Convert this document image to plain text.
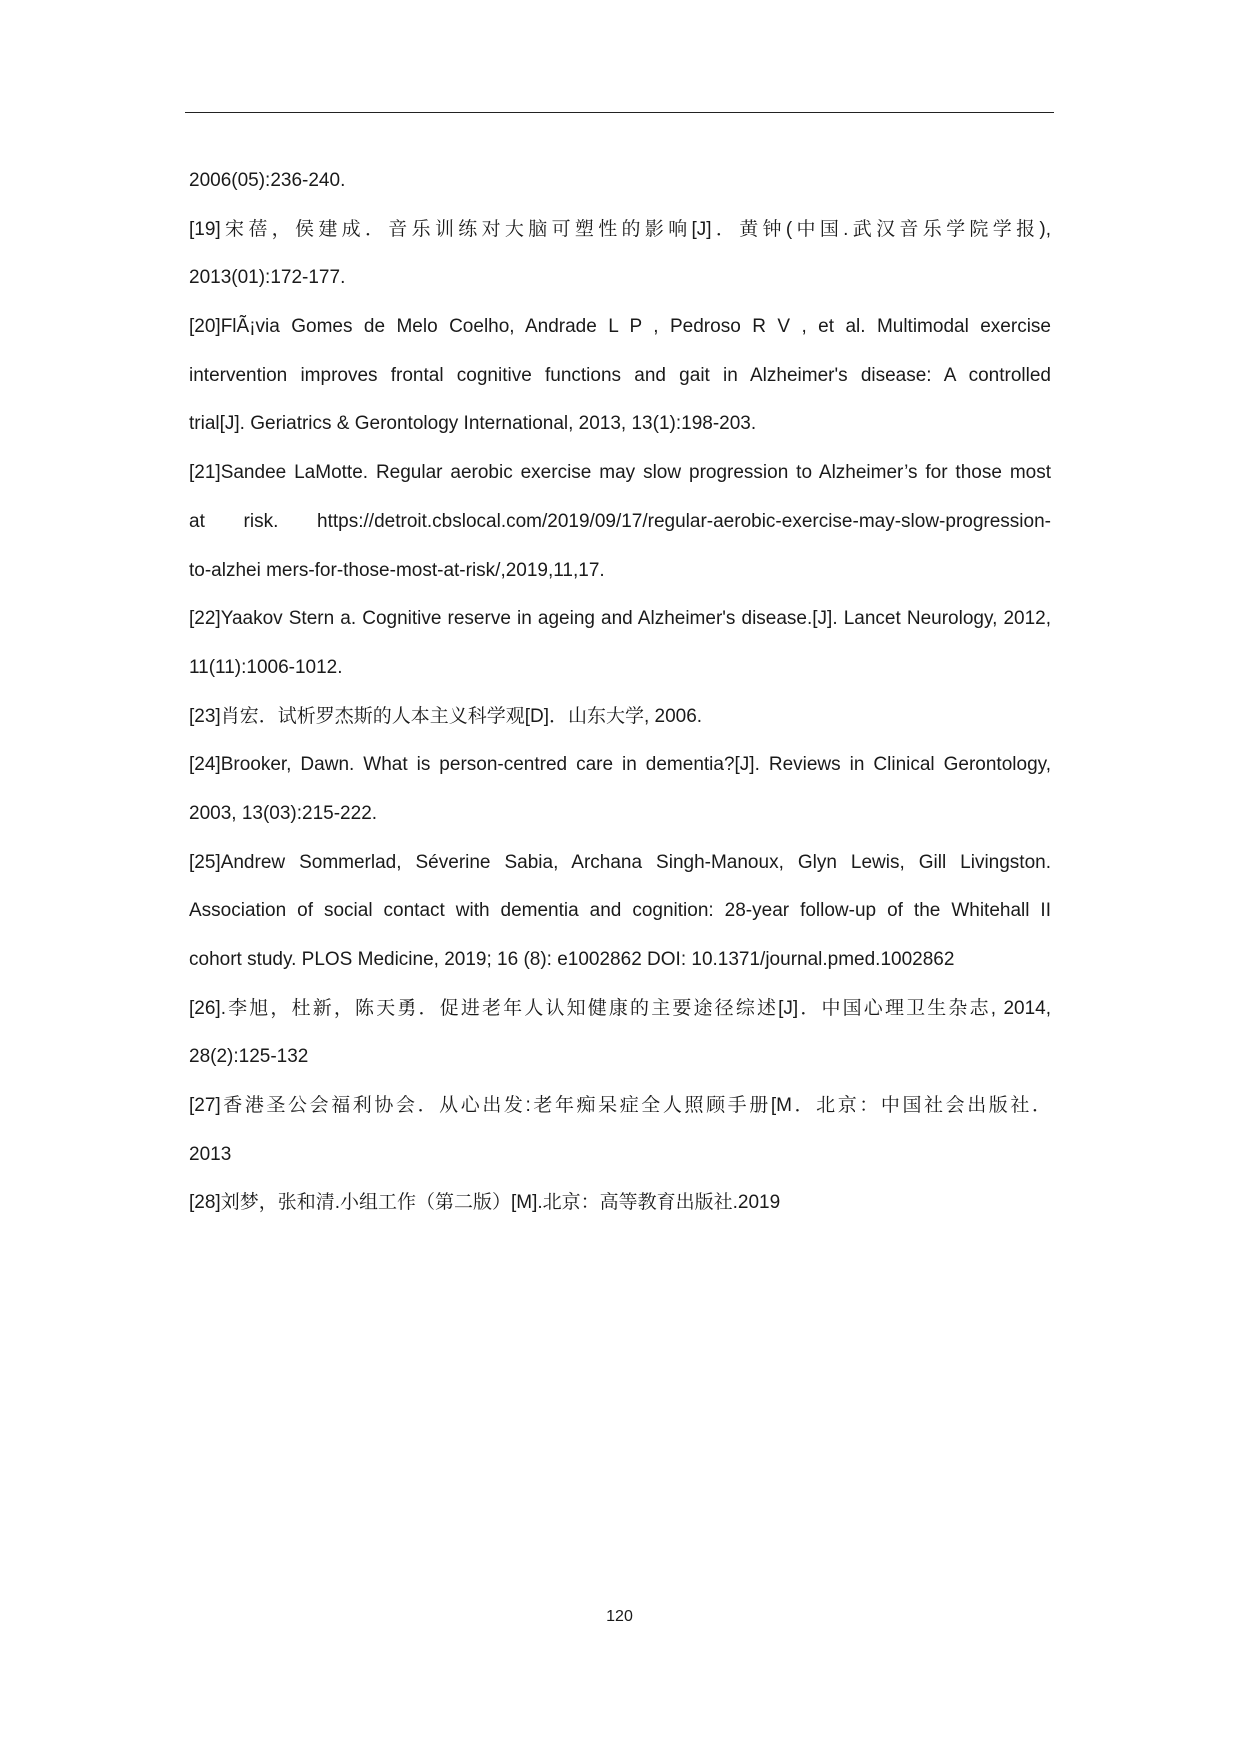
2006(05):236-240.
[19]宋蓓，侯建成．音乐训练对大脑可塑性的影响[J]．黄钟(中国.武汉音乐学院学报),
2013(01):172-177.
[20]FlÃ¡via Gomes de Melo Coelho, Andrade L P , Pedroso R V , et al. Multimodal exercise
intervention improves frontal cognitive functions and gait in Alzheimer's disease: A controlled
trial[J]. Geriatrics & Gerontology International, 2013, 13(1):198-203.
[21]Sandee LaMotte. Regular aerobic exercise may slow progression to Alzheimer’s for those most
at risk. https://detroit.cbslocal.com/2019/09/17/regular-aerobic-exercise-may-slow-progression-
to-alzhei mers-for-those-most-at-risk/,2019,11,17.
[22]Yaakov Stern a. Cognitive reserve in ageing and Alzheimer's disease.[J]. Lancet Neurology, 2012,
11(11):1006-1012.
[23]肖宏．试析罗杰斯的人本主义科学观[D]．山东大学, 2006.
[24]Brooker, Dawn. What is person-centred care in dementia?[J]. Reviews in Clinical Gerontology,
2003, 13(03):215-222.
[25]Andrew Sommerlad, Séverine Sabia, Archana Singh-Manoux, Glyn Lewis, Gill Livingston.
Association of social contact with dementia and cognition: 28-year follow-up of the Whitehall II
cohort study. PLOS Medicine, 2019; 16 (8): e1002862 DOI: 10.1371/journal.pmed.1002862
[26].李旭，杜新，陈天勇．促进老年人认知健康的主要途径综述[J]．中国心理卫生杂志, 2014,
28(2):125-132
[27]香港圣公会福利协会．从心出发:老年痴呆症全人照顾手册[M．北京：中国社会出版社．
2013
[28]刘梦，张和清.小组工作（第二版）[M].北京：高等教育出版社.2019
120
